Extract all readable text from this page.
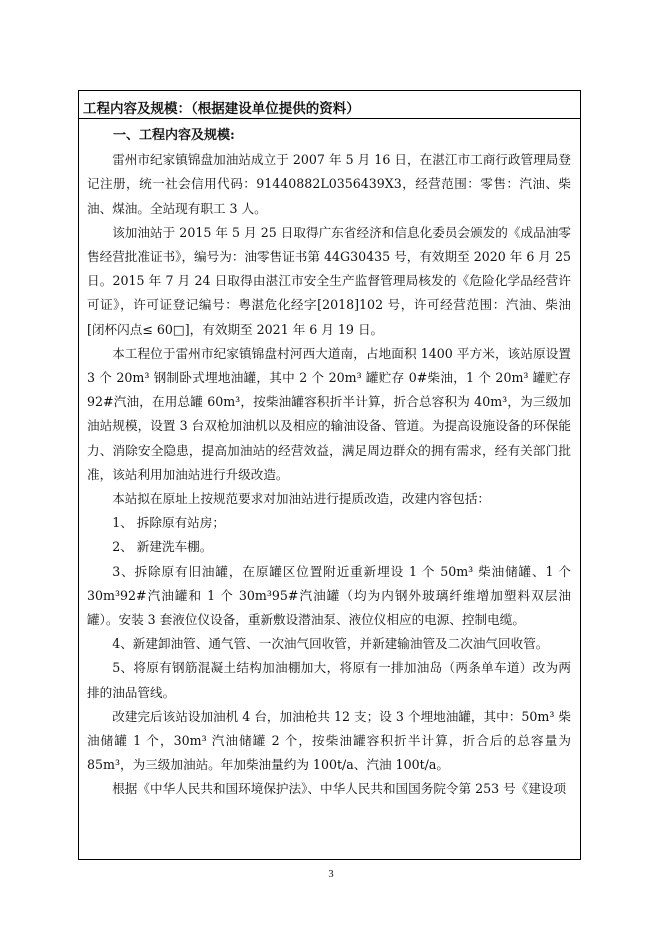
工程内容及规模：（根据建设单位提供的资料）

一、工程内容及规模:

雷州市纪家镇锦盘加油站成立于 2007 年 5 月 16 日，在湛江市工商行政管理局登记注册，统一社会信用代码：91440882L0356439X3，经营范围：零售：汽油、柴油、煤油。全站现有职工 3 人。

该加油站于 2015 年 5 月 25 日取得广东省经济和信息化委员会颁发的《成品油零售经营批准证书》，编号为：油零售证书第 44G30435 号，有效期至 2020 年 6 月 25 日。2015 年 7 月 24 日取得由湛江市安全生产监督管理局核发的《危险化学品经营许可证》，许可证登记编号：粤湛危化经字[2018]102 号，许可经营范围：汽油、柴油[闭杯闪点≤ 60□]，有效期至 2021 年 6 月 19 日。

本工程位于雷州市纪家镇锦盘村河西大道南，占地面积 1400 平方米，该站原设置 3 个 20m³ 钢制卧式埋地油罐，其中 2 个 20m³ 罐贮存 0#柴油，1 个 20m³ 罐贮存 92#汽油，在用总罐 60m³，按柴油罐容积折半计算，折合总容积为 40m³，为三级加油站规模，设置 3 台双枪加油机以及相应的输油设备、管道。为提高设施设备的环保能力、消除安全隐患，提高加油站的经营效益，满足周边群众的拥有需求，经有关部门批准，该站利用加油站进行升级改造。

本站拟在原址上按规范要求对加油站进行提质改造，改建内容包括：

1、 拆除原有站房；

2、 新建洗车棚。

3、拆除原有旧油罐，在原罐区位置附近重新埋设 1 个 50m³ 柴油储罐、1 个 30m³92#汽油罐和 1 个 30m³95#汽油罐（均为内钢外玻璃纤维增加塑料双层油罐）。安装 3 套液位仪设备，重新敷设潜油泵、液位仪相应的电源、控制电缆。

4、新建卸油管、通气管、一次油气回收管，并新建输油管及二次油气回收管。

5、将原有钢筋混凝土结构加油棚加大，将原有一排加油岛（两条单车道）改为两排的油品管线。

改建完后该站设加油机 4 台，加油枪共 12 支；设 3 个埋地油罐，其中：50m³ 柴油储罐 1 个，30m³ 汽油储罐 2 个，按柴油罐容积折半计算，折合后的总容量为 85m³，为三级加油站。年加柴油量约为 100t/a、汽油 100t/a。

根据《中华人民共和国环境保护法》、中华人民共和国国务院令第 253 号《建设项

3
